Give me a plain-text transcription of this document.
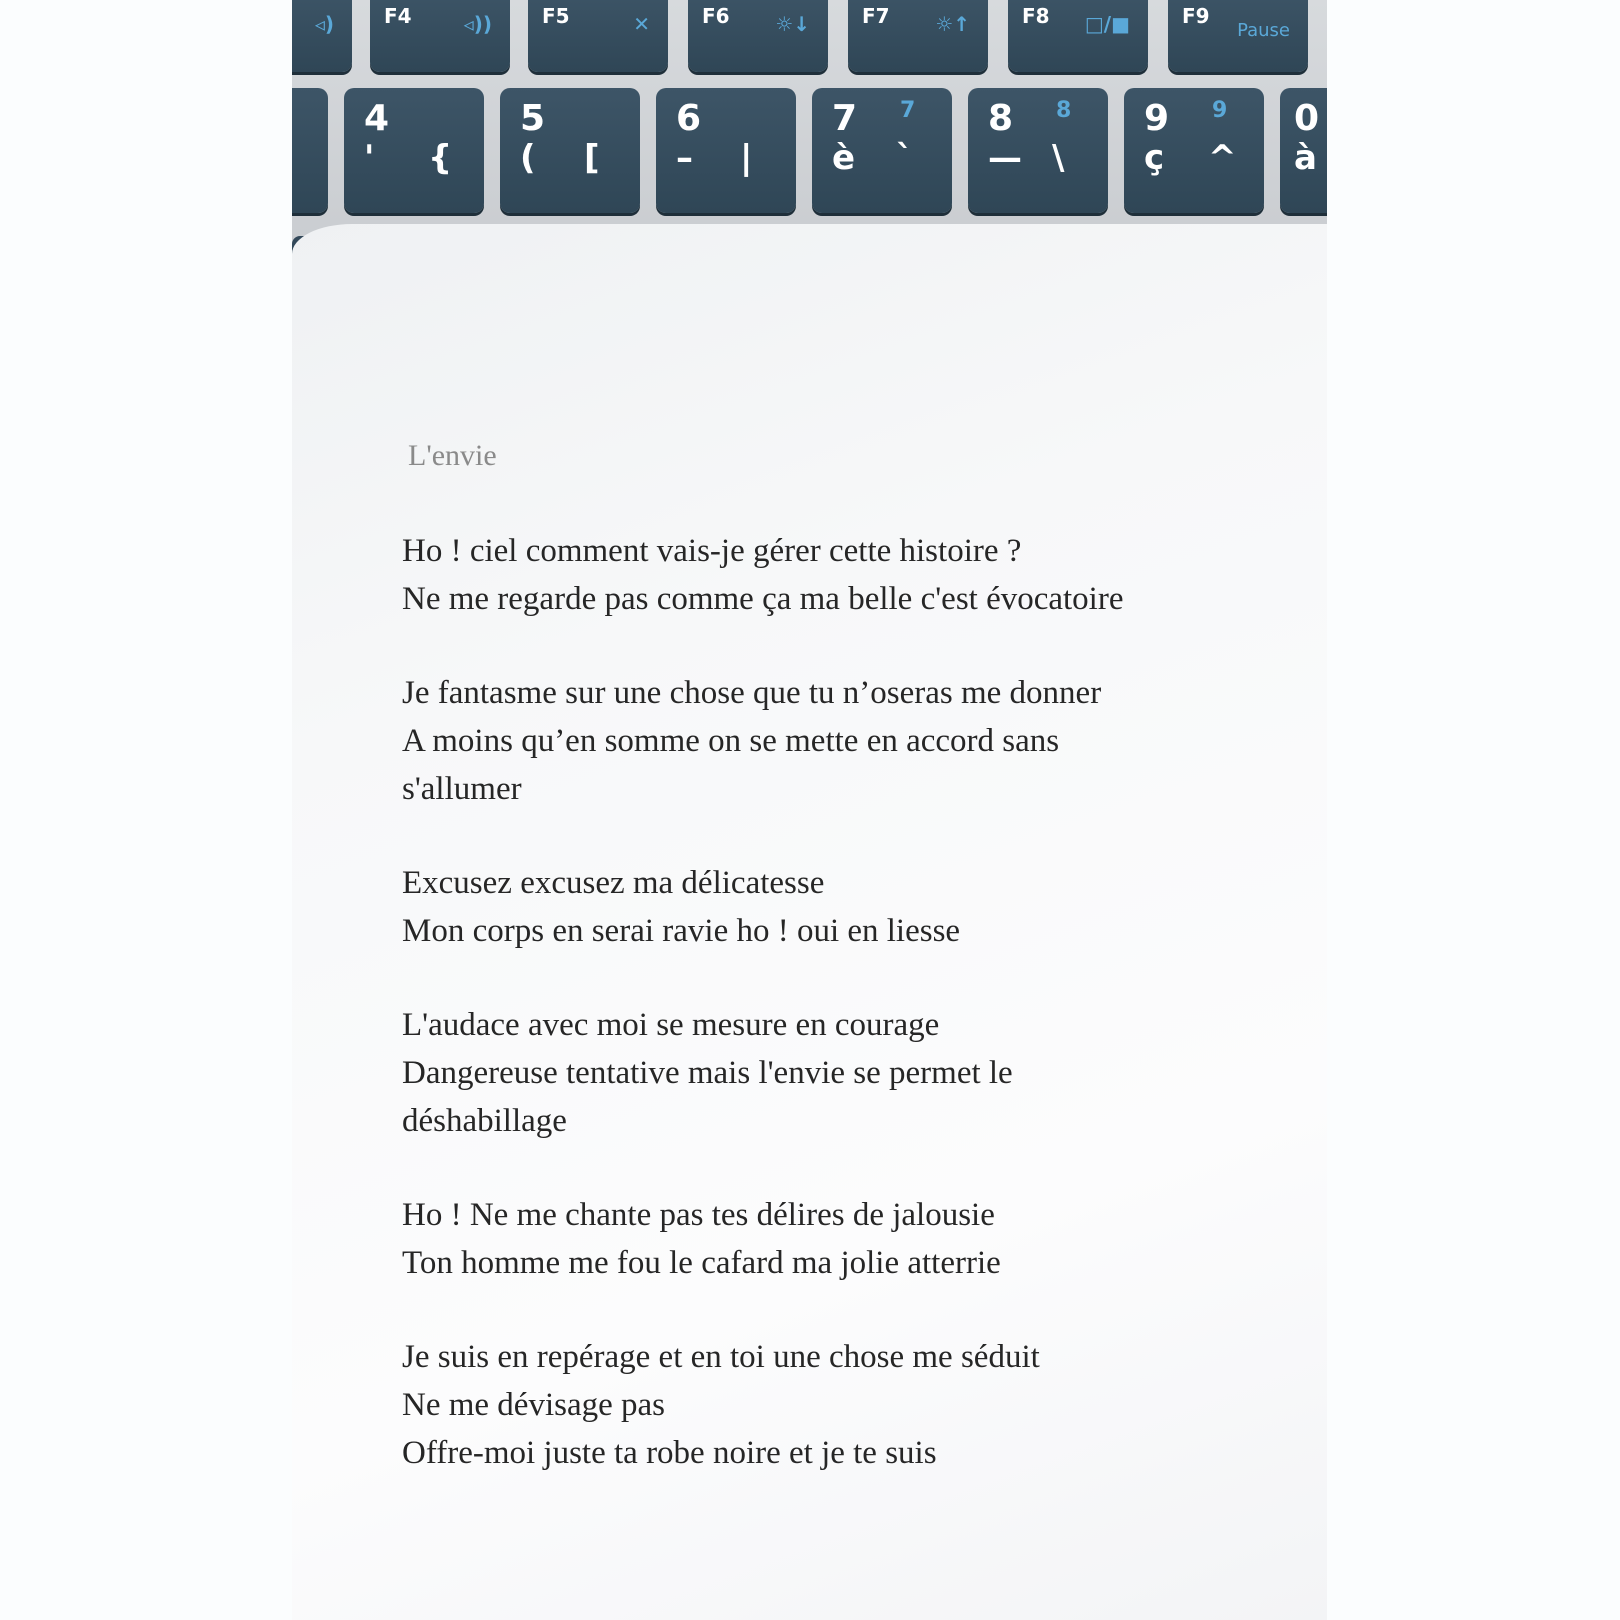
◃)	F4	◃))	F5	✕	F6 ☼↓	F7 ☼↑	F8 □/■	F9
Pause
4
' {
5
( [
6
– |
7 7
è `
8 8
— \
9 9
ç ^
0
à
L'envie
Ho ! ciel comment vais-je gérer cette histoire ?
Ne me regarde pas comme ça ma belle c'est évocatoire
Je fantasme sur une chose que tu n’oseras me donner
A moins qu’en somme on se mette en accord sans
s'allumer
Excusez excusez ma délicatesse
Mon corps en serai ravie ho ! oui en liesse
L'audace avec moi se mesure en courage
Dangereuse tentative mais l'envie se permet le
déshabillage
Ho ! Ne me chante pas tes délires de jalousie
Ton homme me fou le cafard ma jolie atterrie
Je suis en repérage et en toi une chose me séduit
Ne me dévisage pas
Offre-moi juste ta robe noire et je te suis
